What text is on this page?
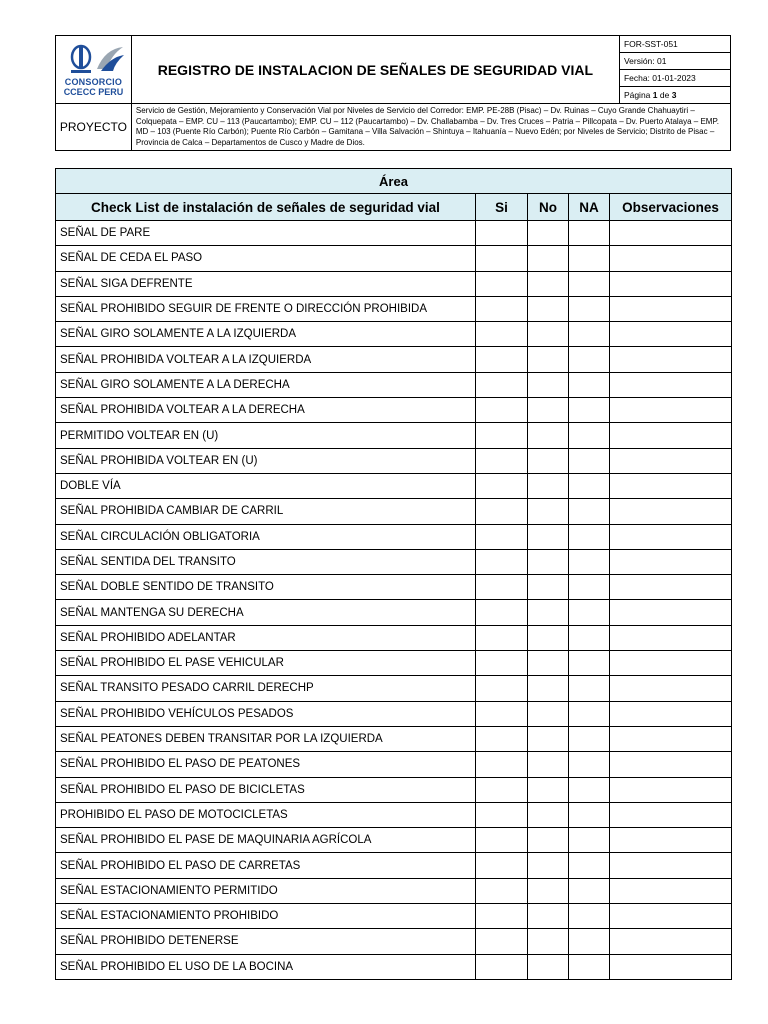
CONSORCIO
CCECC PERU	REGISTRO DE INSTALACION DE SEÑALES DE SEGURIDAD VIAL	FOR-SST-051
		Versión: 01
		Fecha: 01-01-2023
		Página 1 de 3
PROYECTO	Servicio de Gestión, Mejoramiento y Conservación Vial por Niveles de Servicio del Corredor: EMP. PE-28B (Pisac) – Dv. Ruinas – Cuyo Grande Chahuaytiri – Colquepata – EMP. CU – 113 (Paucartambo); EMP. CU – 112 (Paucartambo) – Dv. Challabamba – Dv. Tres Cruces – Patria – Pillcopata – Dv. Puerto Atalaya – EMP. MD – 103 (Puente Río Carbón); Puente Río Carbón – Gamitana – Villa Salvación – Shintuya – Itahuanía – Nuevo Edén; por Niveles de Servicio; Distrito de Pisac – Provincia de Calca – Departamentos de Cusco y Madre de Dios.	
Área				
Check List de instalación de señales de seguridad vial	Si	No	NA	Observaciones
SEÑAL DE PARE				
SEÑAL DE CEDA EL PASO				
SEÑAL SIGA DEFRENTE				
SEÑAL PROHIBIDO SEGUIR DE FRENTE O DIRECCIÓN PROHIBIDA				
SEÑAL GIRO SOLAMENTE A LA IZQUIERDA				
SEÑAL PROHIBIDA VOLTEAR A LA IZQUIERDA				
SEÑAL GIRO SOLAMENTE A LA DERECHA				
SEÑAL PROHIBIDA VOLTEAR A LA DERECHA				
PERMITIDO VOLTEAR EN (U)				
SEÑAL PROHIBIDA VOLTEAR EN (U)				
DOBLE VÍA				
SEÑAL PROHIBIDA CAMBIAR DE CARRIL				
SEÑAL CIRCULACIÓN OBLIGATORIA				
SEÑAL SENTIDA DEL TRANSITO				
SEÑAL DOBLE SENTIDO DE TRANSITO				
SEÑAL MANTENGA SU DERECHA				
SEÑAL PROHIBIDO ADELANTAR				
SEÑAL PROHIBIDO EL PASE VEHICULAR				
SEÑAL TRANSITO PESADO CARRIL DERECHP				
SEÑAL PROHIBIDO VEHÍCULOS PESADOS				
SEÑAL PEATONES DEBEN TRANSITAR POR LA IZQUIERDA				
SEÑAL PROHIBIDO EL PASO DE PEATONES				
SEÑAL PROHIBIDO EL PASO DE BICICLETAS				
PROHIBIDO EL PASO DE MOTOCICLETAS				
SEÑAL PROHIBIDO EL PASE DE MAQUINARIA AGRÍCOLA				
SEÑAL PROHIBIDO EL PASO DE CARRETAS				
SEÑAL ESTACIONAMIENTO PERMITIDO				
SEÑAL ESTACIONAMIENTO PROHIBIDO				
SEÑAL PROHIBIDO DETENERSE				
SEÑAL PROHIBIDO EL USO DE LA BOCINA				
